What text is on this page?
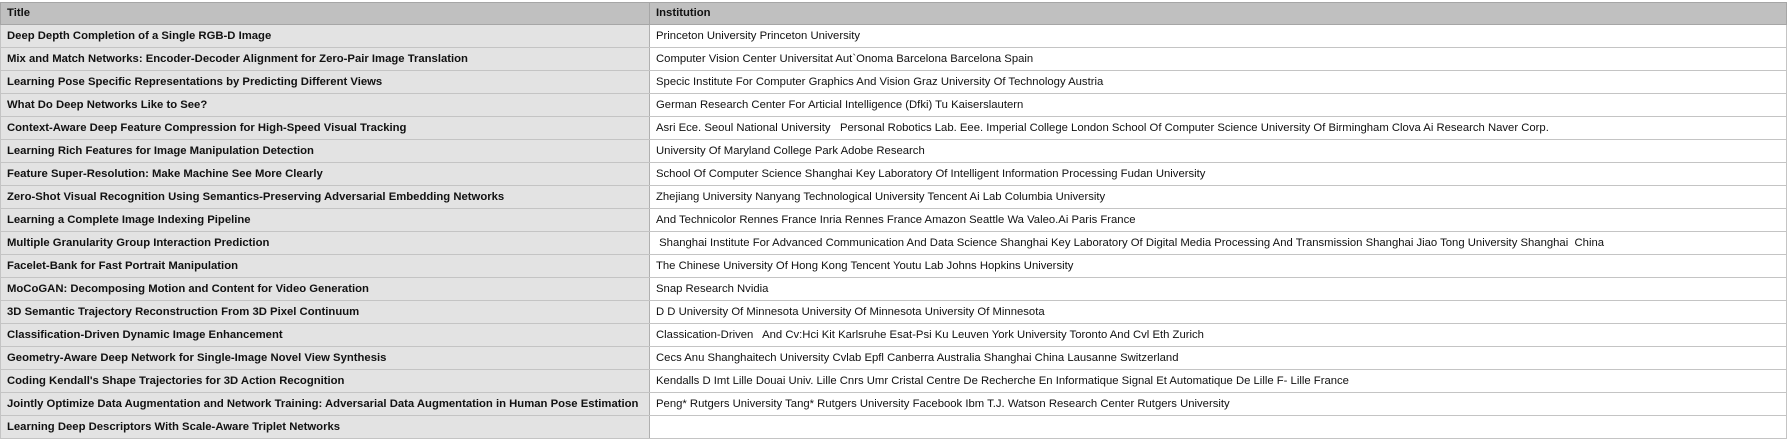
Title	Institution
Deep Depth Completion of a Single RGB-D Image	Princeton University Princeton University
Mix and Match Networks: Encoder-Decoder Alignment for Zero-Pair Image Translation	Computer Vision Center Universitat Aut`Onoma Barcelona Barcelona Spain
Learning Pose Specific Representations by Predicting Different Views	Specic Institute For Computer Graphics And Vision Graz University Of Technology Austria
What Do Deep Networks Like to See?	German Research Center For Articial Intelligence (Dfki) Tu Kaiserslautern
Context-Aware Deep Feature Compression for High-Speed Visual Tracking	Asri Ece. Seoul National University   Personal Robotics Lab. Eee. Imperial College London School Of Computer Science University Of Birmingham Clova Ai Research Naver Corp.
Learning Rich Features for Image Manipulation Detection	University Of Maryland College Park Adobe Research
Feature Super-Resolution: Make Machine See More Clearly	School Of Computer Science Shanghai Key Laboratory Of Intelligent Information Processing Fudan University
Zero-Shot Visual Recognition Using Semantics-Preserving Adversarial Embedding Networks	Zhejiang University Nanyang Technological University Tencent Ai Lab Columbia University
Learning a Complete Image Indexing Pipeline	And Technicolor Rennes France Inria Rennes France Amazon Seattle Wa Valeo.Ai Paris France
Multiple Granularity Group Interaction Prediction	Shanghai Institute For Advanced Communication And Data Science Shanghai Key Laboratory Of Digital Media Processing And Transmission Shanghai Jiao Tong University Shanghai  China
Facelet-Bank for Fast Portrait Manipulation	The Chinese University Of Hong Kong Tencent Youtu Lab Johns Hopkins University
MoCoGAN: Decomposing Motion and Content for Video Generation	Snap Research Nvidia
3D Semantic Trajectory Reconstruction From 3D Pixel Continuum	D D University Of Minnesota University Of Minnesota University Of Minnesota
Classification-Driven Dynamic Image Enhancement	Classication-Driven   And Cv:Hci Kit Karlsruhe Esat-Psi Ku Leuven York University Toronto And Cvl Eth Zurich
Geometry-Aware Deep Network for Single-Image Novel View Synthesis	Cecs Anu Shanghaitech University Cvlab Epfl Canberra Australia Shanghai China Lausanne Switzerland
Coding Kendall's Shape Trajectories for 3D Action Recognition	Kendalls D Imt Lille Douai Univ. Lille Cnrs Umr Cristal Centre De Recherche En Informatique Signal Et Automatique De Lille F- Lille France
Jointly Optimize Data Augmentation and Network Training: Adversarial Data Augmentation in Human Pose Estimation	Peng* Rutgers University Tang* Rutgers University Facebook Ibm T.J. Watson Research Center Rutgers University
Learning Deep Descriptors With Scale-Aware Triplet Networks	
